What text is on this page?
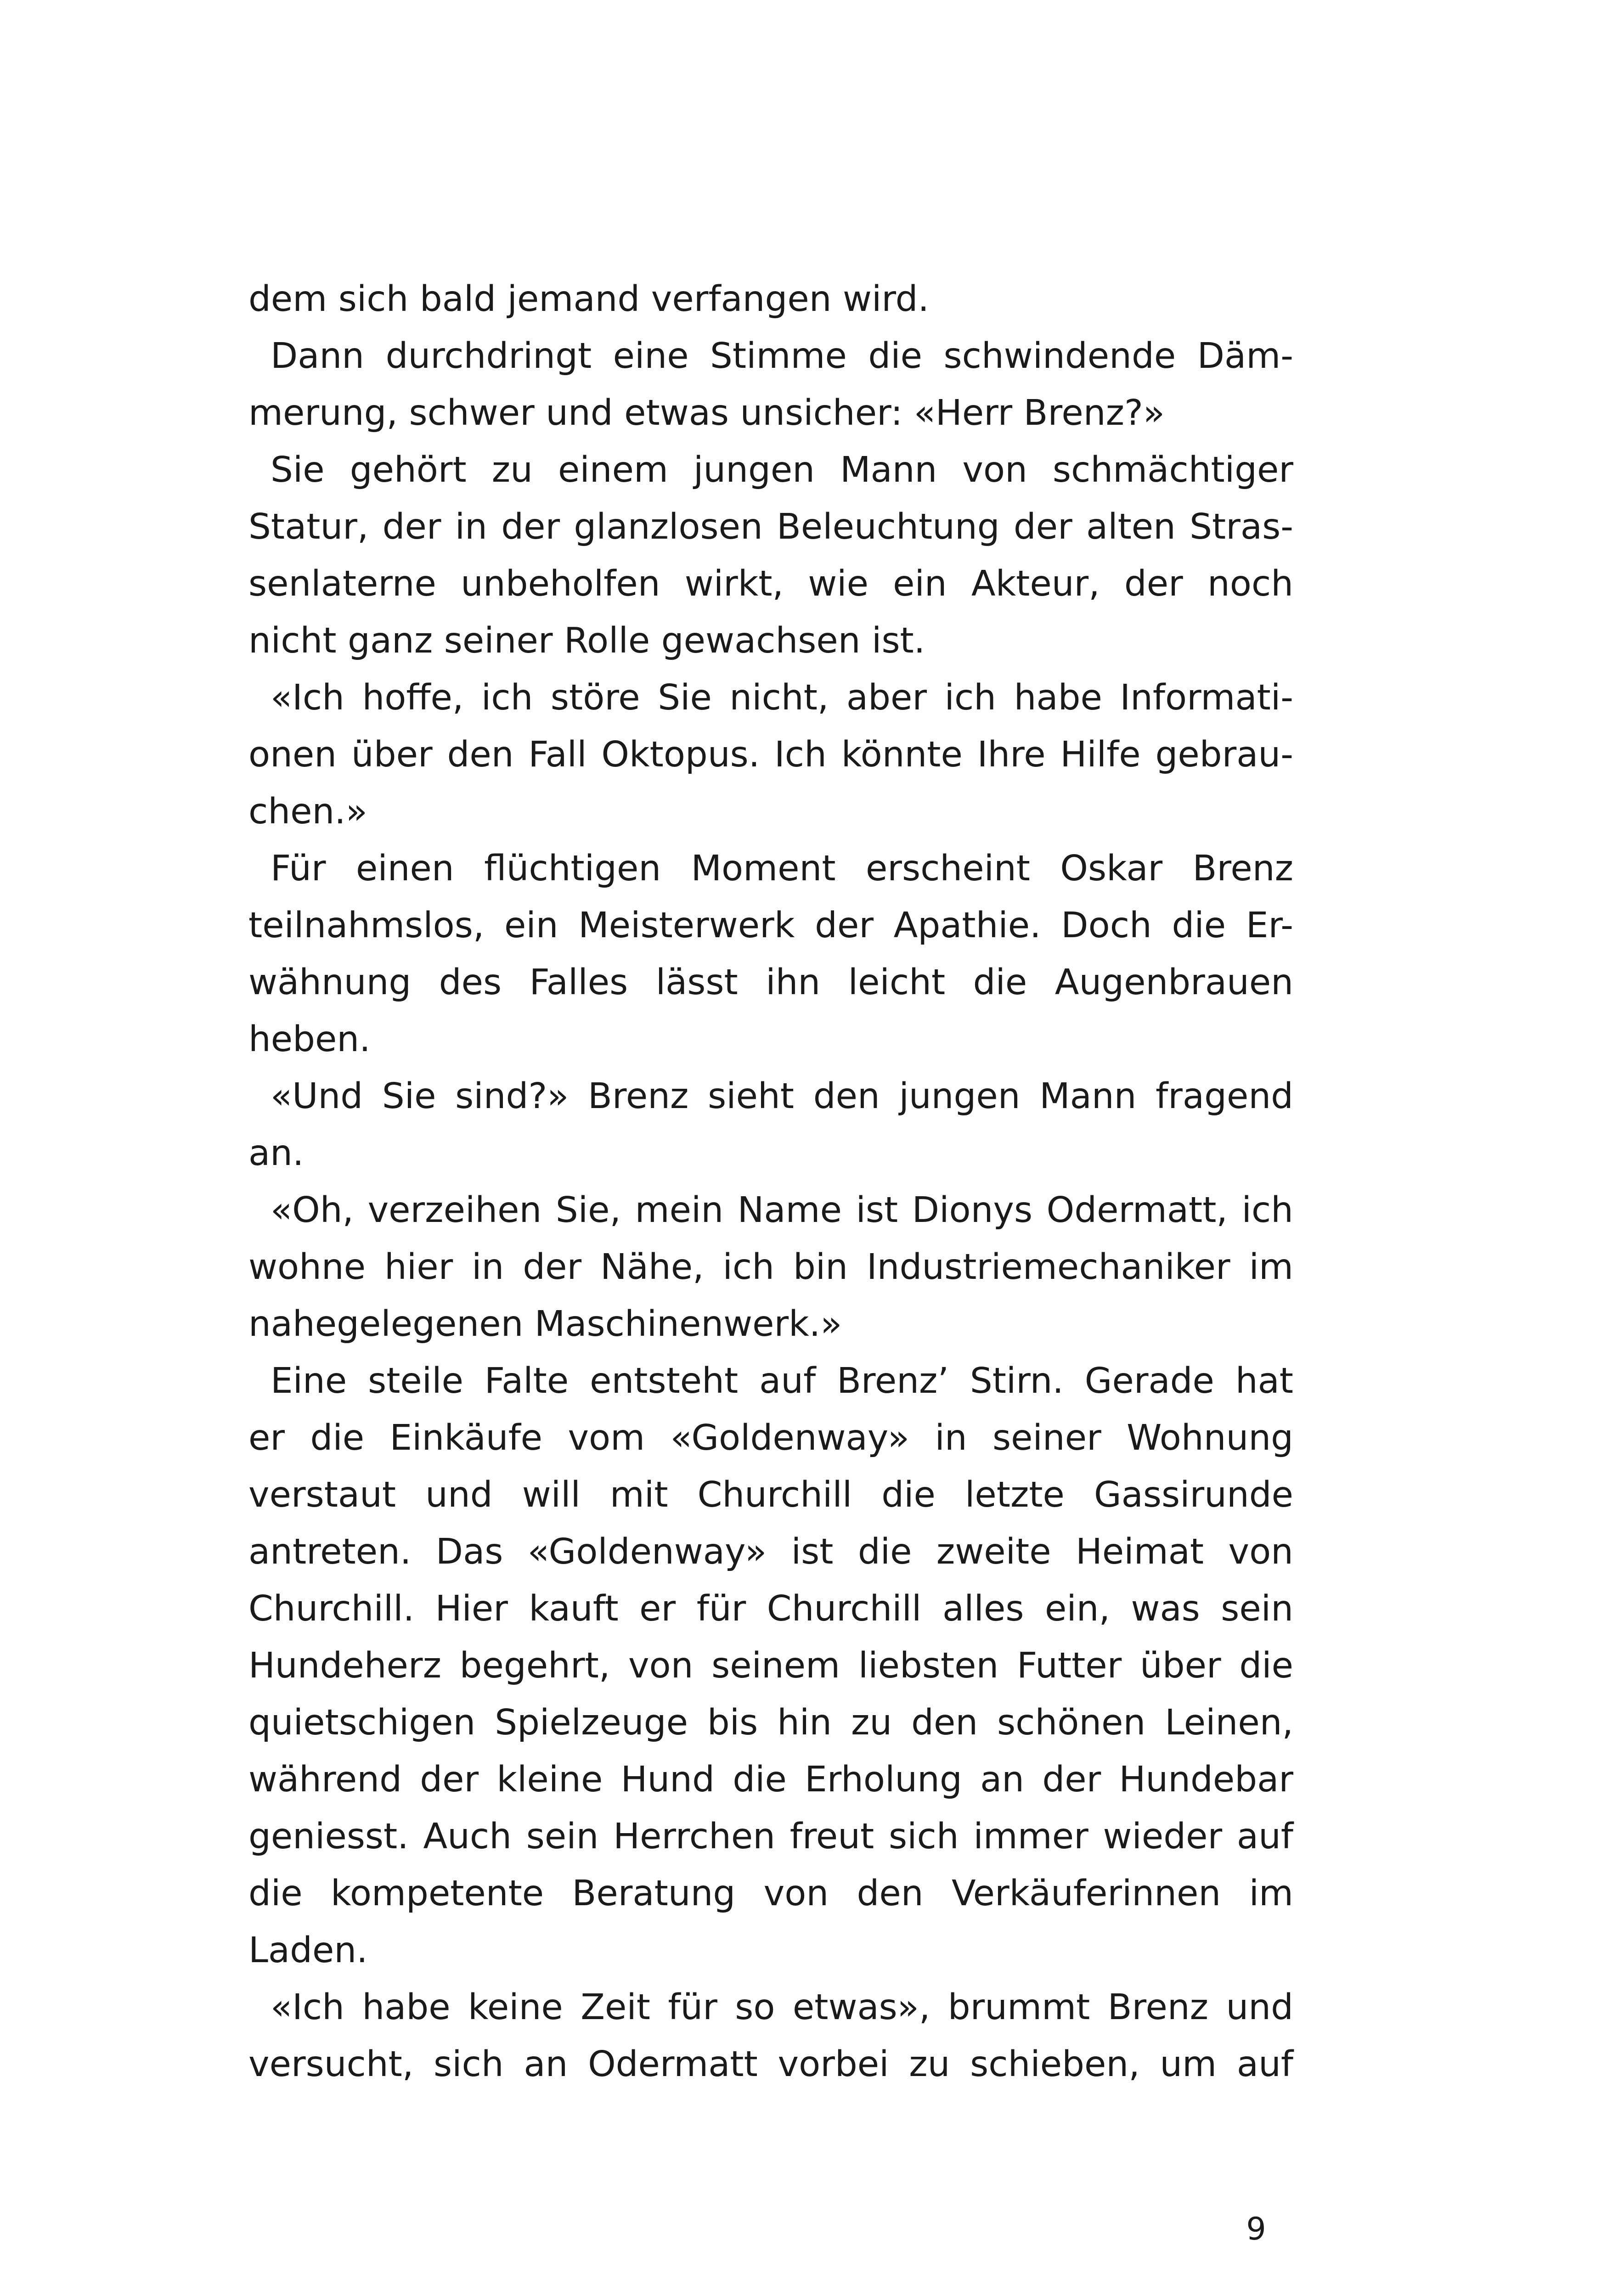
dem sich bald jemand verfangen wird.
Dann durchdringt eine Stimme die schwindende Däm-
merung, schwer und etwas unsicher: «Herr Brenz?»
Sie gehört zu einem jungen Mann von schmächtiger
Statur, der in der glanzlosen Beleuchtung der alten Stras-
senlaterne unbeholfen wirkt, wie ein Akteur, der noch
nicht ganz seiner Rolle gewachsen ist.
«Ich hoffe, ich störe Sie nicht, aber ich habe Informati-
onen über den Fall Oktopus. Ich könnte Ihre Hilfe gebrau-
chen.»
Für einen flüchtigen Moment erscheint Oskar Brenz
teilnahmslos, ein Meisterwerk der Apathie. Doch die Er-
wähnung des Falles lässt ihn leicht die Augenbrauen
heben.
«Und Sie sind?» Brenz sieht den jungen Mann fragend
an.
«Oh, verzeihen Sie, mein Name ist Dionys Odermatt, ich
wohne hier in der Nähe, ich bin Industriemechaniker im
nahegelegenen Maschinenwerk.»
Eine steile Falte entsteht auf Brenz’ Stirn. Gerade hat
er die Einkäufe vom «Goldenway» in seiner Wohnung
verstaut und will mit Churchill die letzte Gassirunde
antreten. Das «Goldenway» ist die zweite Heimat von
Churchill. Hier kauft er für Churchill alles ein, was sein
Hundeherz begehrt, von seinem liebsten Futter über die
quietschigen Spielzeuge bis hin zu den schönen Leinen,
während der kleine Hund die Erholung an der Hundebar
geniesst. Auch sein Herrchen freut sich immer wieder auf
die kompetente Beratung von den Verkäuferinnen im
Laden.
«Ich habe keine Zeit für so etwas», brummt Brenz und
versucht, sich an Odermatt vorbei zu schieben, um auf
9
